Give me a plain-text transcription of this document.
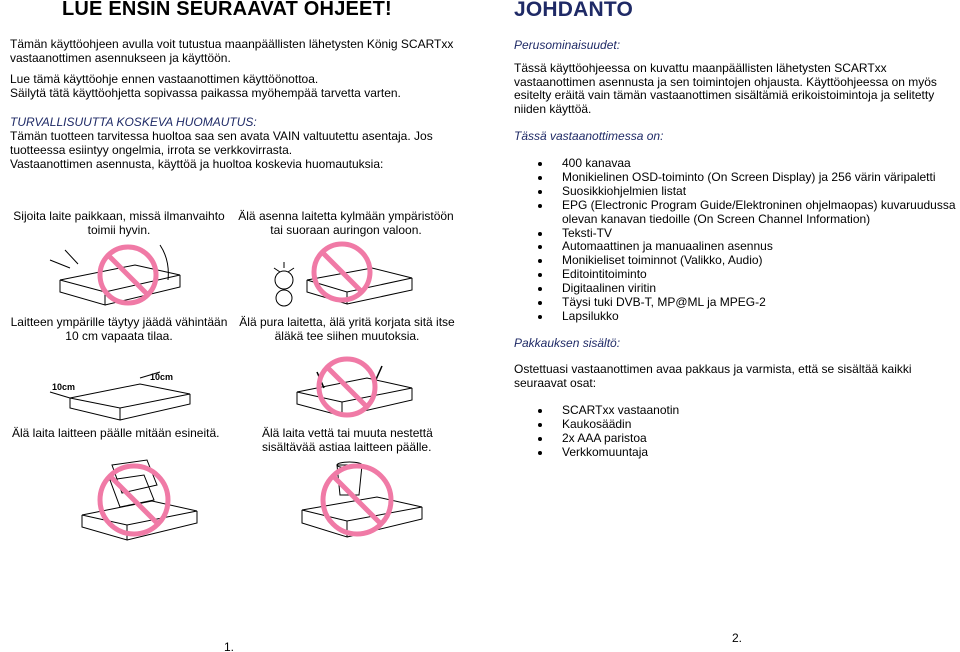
LUE ENSIN SEURAAVAT OHJEET!
Tämän käyttöohjeen avulla voit tutustua maanpäällisten lähetysten König SCARTxx vastaanottimen asennukseen ja käyttöön.
Lue tämä käyttöohje ennen vastaanottimen käyttöönottoa.
Säilytä tätä käyttöohjetta sopivassa paikassa myöhempää tarvetta varten.
TURVALLISUUTTA KOSKEVA HUOMAUTUS:
Tämän tuotteen tarvitessa huoltoa saa sen avata VAIN valtuutettu asentaja. Jos tuotteessa esiintyy ongelmia, irrota se verkkovirrasta.
Vastaanottimen asennusta, käyttöä ja huoltoa koskevia huomautuksia:
Sijoita laite paikkaan, missä ilmanvaihto toimii hyvin.
Älä asenna laitetta kylmään ympäristöön tai suoraan auringon valoon.
Laitteen ympärille täytyy jäädä vähintään 10 cm vapaata tilaa.
Älä pura laitetta, älä yritä korjata sitä itse äläkä tee siihen muutoksia.
10cm
10cm
Älä laita laitteen päälle mitään esineitä.	Älä laita vettä tai muuta nestettä sisältävää astiaa laitteen päälle.
1.
JOHDANTO
Perusominaisuudet:
Tässä käyttöohjeessa on kuvattu maanpäällisten lähetysten SCARTxx vastaanottimen asennusta ja sen toimintojen ohjausta. Käyttöohjeessa on myös esitelty eräitä vain tämän vastaanottimen sisältämiä erikoistoimintoja ja selitetty niiden käyttöä.
Tässä vastaanottimessa on:
400 kanavaa
Monikielinen OSD-toiminto (On Screen Display) ja 256 värin väripaletti
Suosikkiohjelmien listat
EPG (Electronic Program Guide/Elektroninen ohjelmaopas) kuvaruudussa olevan kanavan tiedoille (On Screen Channel Information)
Teksti-TV
Automaattinen ja manuaalinen asennus
Monikieliset toiminnot (Valikko, Audio)
Editointitoiminto
Digitaalinen viritin
Täysi tuki DVB-T, MP@ML ja MPEG-2
Lapsilukko
Pakkauksen sisältö:
Ostettuasi vastaanottimen avaa pakkaus ja varmista, että se sisältää kaikki seuraavat osat:
SCARTxx vastaanotin
Kaukosäädin
2x AAA paristoa
Verkkomuuntaja
2.
